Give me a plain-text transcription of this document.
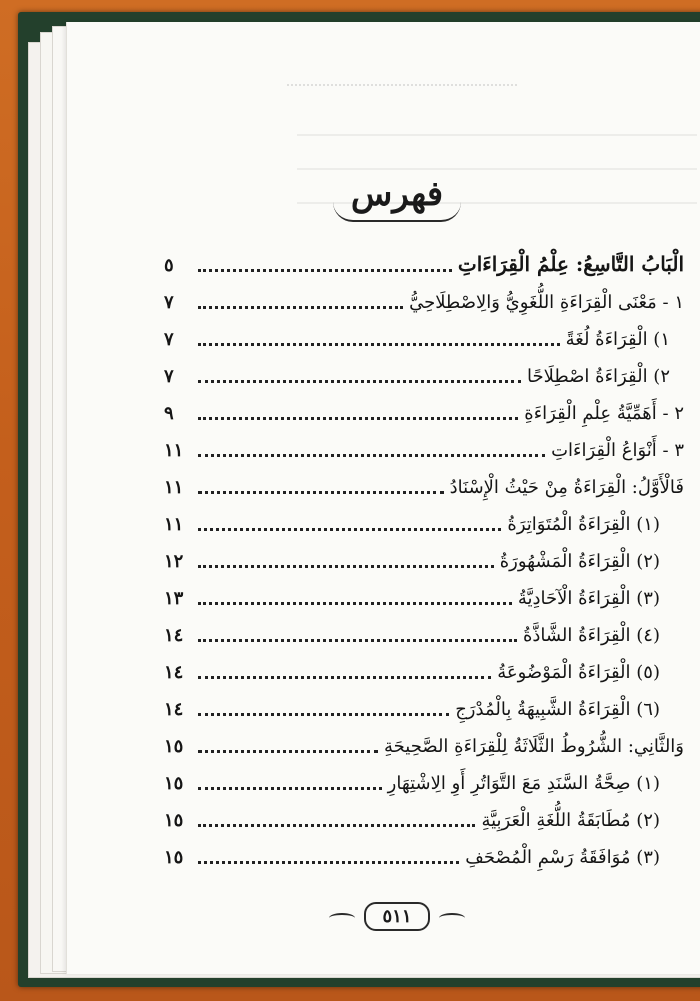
فهرس
الْبَابُ التَّاسِعُ: عِلْمُ الْقِرَاءَاتِ
٥
١ - مَعْنَى الْقِرَاءَةِ اللُّغَوِيُّ وَالِاصْطِلَاحِيُّ
٧
١) الْقِرَاءَةُ لُغَةً
٧
٢) الْقِرَاءَةُ اصْطِلَاحًا
٧
٢ - أَهَمِّيَّةُ عِلْمِ الْقِرَاءَةِ
٩
٣ - أَنْوَاعُ الْقِرَاءَاتِ
١١
فَالْأَوَّلُ: الْقِرَاءَةُ مِنْ حَيْثُ الْإِسْنَادُ
١١
(١) الْقِرَاءَةُ الْمُتَوَاتِرَةُ
١١
(٢) الْقِرَاءَةُ الْمَشْهُورَةُ
١٢
(٣) الْقِرَاءَةُ الْآحَادِيَّةُ
١٣
(٤) الْقِرَاءَةُ الشَّاذَّةُ
١٤
(٥) الْقِرَاءَةُ الْمَوْضُوعَةُ
١٤
(٦) الْقِرَاءَةُ الشَّبِيهَةُ بِالْمُدْرَجِ
١٤
وَالثَّانِي: الشُّرُوطُ الثَّلَاثَةُ لِلْقِرَاءَةِ الصَّحِيحَةِ
١٥
(١) صِحَّةُ السَّنَدِ مَعَ التَّوَاتُرِ أَوِ الِاشْتِهَارِ
١٥
(٢) مُطَابَقَةُ اللُّغَةِ الْعَرَبِيَّةِ
١٥
(٣) مُوَافَقَةُ رَسْمِ الْمُصْحَفِ
١٥
٥١١
